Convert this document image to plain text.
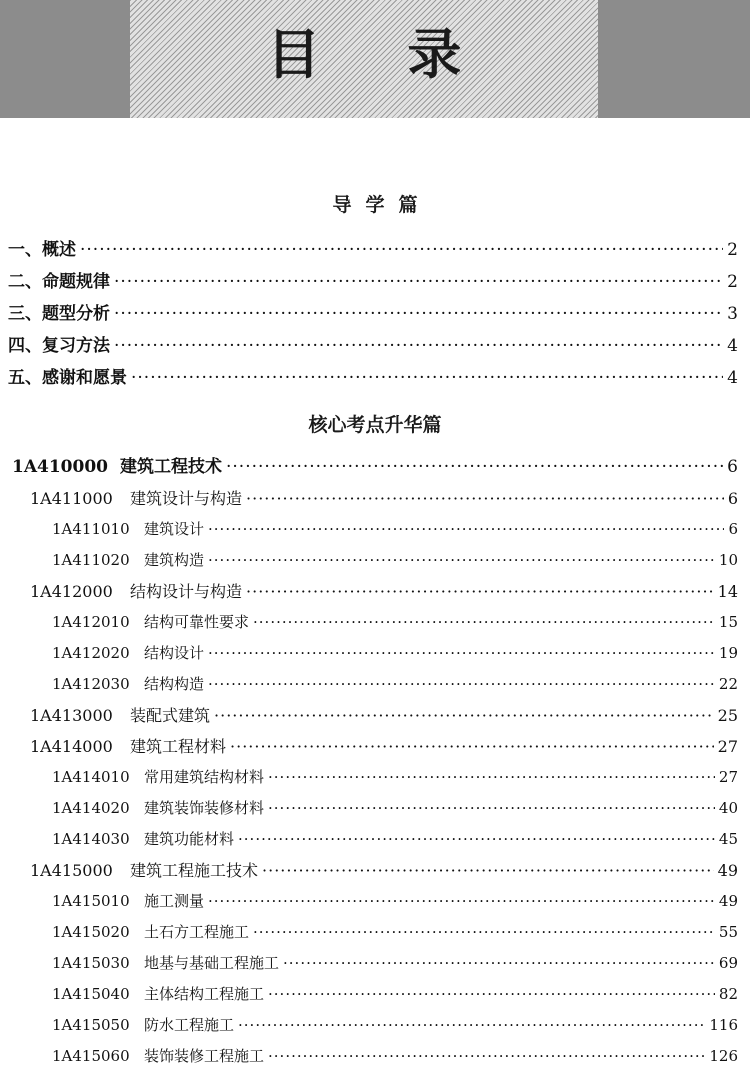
目 录
导学篇
一、概述 ·····	2
二、命题规律 ·····	2
三、题型分析 ·····	3
四、复习方法 ·····	4
五、感谢和愿景 ·····	4
核心考点升华篇
1A410000 建筑工程技术 ·····	6
1A411000 建筑设计与构造 ·····	6
1A411010 建筑设计 ·····	6
1A411020 建筑构造 ·····	10
1A412000 结构设计与构造 ·····	14
1A412010 结构可靠性要求 ·····	15
1A412020 结构设计 ·····	19
1A412030 结构构造 ·····	22
1A413000 装配式建筑 ·····	25
1A414000 建筑工程材料 ·····	27
1A414010 常用建筑结构材料 ·····	27
1A414020 建筑装饰装修材料 ·····	40
1A414030 建筑功能材料 ·····	45
1A415000 建筑工程施工技术 ·····	49
1A415010 施工测量 ·····	49
1A415020 土石方工程施工 ·····	55
1A415030 地基与基础工程施工 ·····	69
1A415040 主体结构工程施工 ·····	82
1A415050 防水工程施工 ·····	116
1A415060 装饰装修工程施工 ·····	126
